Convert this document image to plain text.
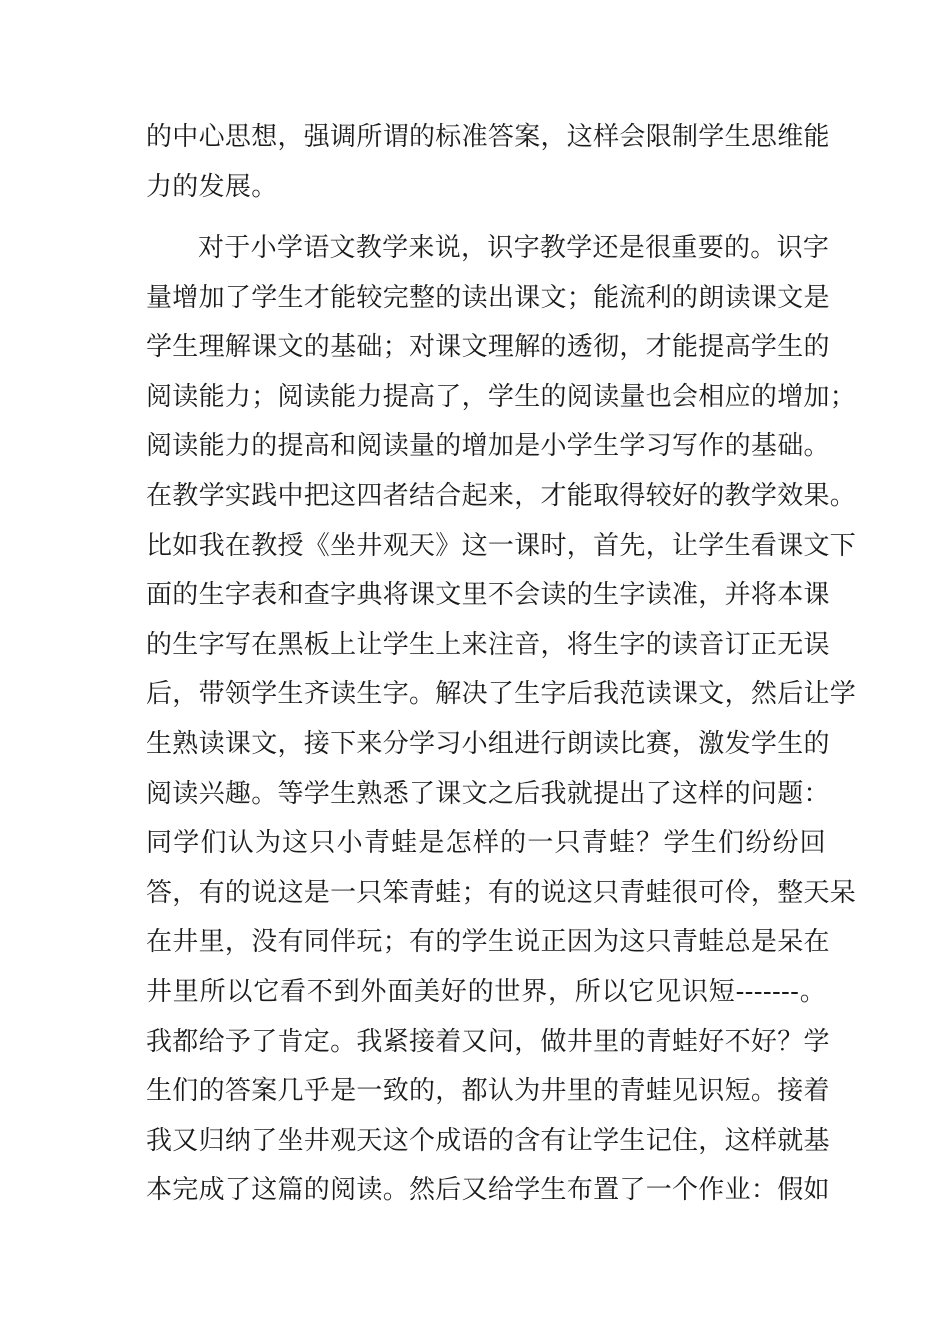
的中心思想，强调所谓的标准答案，这样会限制学生思维能
力的发展。
对于小学语文教学来说，识字教学还是很重要的。识字
量增加了学生才能较完整的读出课文；能流利的朗读课文是
学生理解课文的基础；对课文理解的透彻，才能提高学生的
阅读能力；阅读能力提高了，学生的阅读量也会相应的增加；
阅读能力的提高和阅读量的增加是小学生学习写作的基础。
在教学实践中把这四者结合起来，才能取得较好的教学效果。
比如我在教授《坐井观天》这一课时，首先，让学生看课文下
面的生字表和查字典将课文里不会读的生字读准，并将本课
的生字写在黑板上让学生上来注音，将生字的读音订正无误
后，带领学生齐读生字。解决了生字后我范读课文，然后让学
生熟读课文，接下来分学习小组进行朗读比赛，激发学生的
阅读兴趣。等学生熟悉了课文之后我就提出了这样的问题：
同学们认为这只小青蛙是怎样的一只青蛙？学生们纷纷回
答，有的说这是一只笨青蛙；有的说这只青蛙很可伶，整天呆
在井里，没有同伴玩；有的学生说正因为这只青蛙总是呆在
井里所以它看不到外面美好的世界，所以它见识短-------。
我都给予了肯定。我紧接着又问，做井里的青蛙好不好？学
生们的答案几乎是一致的，都认为井里的青蛙见识短。接着
我又归纳了坐井观天这个成语的含有让学生记住，这样就基
本完成了这篇的阅读。然后又给学生布置了一个作业：假如
